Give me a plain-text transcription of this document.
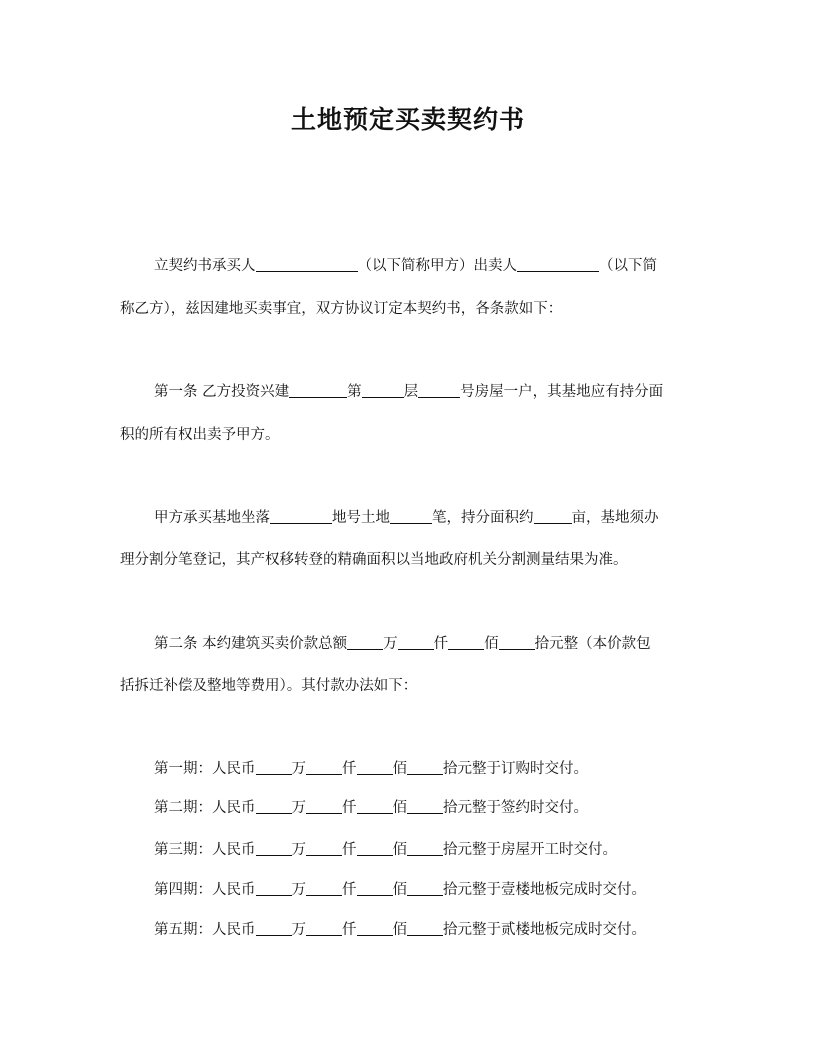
土地预定买卖契约书
立契约书承买人	（以下简称甲方）出卖人	（以下简
称乙方），兹因建地买卖事宜，双方协议订定本契约书，各条款如下：
第一条 乙方投资兴建	第	层	号房屋一户，其基地应有持分面
积的所有权出卖予甲方。
甲方承买基地坐落	地号土地	笔，持分面积约	亩，基地须办
理分割分笔登记，其产权移转登的精确面积以当地政府机关分割测量结果为准。
第二条 本约建筑买卖价款总额 万 仟 佰 拾元整（本价款包
括拆迁补偿及整地等费用）。其付款办法如下：
第一期：人民币 万 仟 佰 拾元整于订购时交付。
第二期：人民币 万 仟 佰 拾元整于签约时交付。
第三期：人民币 万 仟 佰 拾元整于房屋开工时交付。
第四期：人民币 万 仟 佰 拾元整于壹楼地板完成时交付。
第五期：人民币 万 仟 佰 拾元整于贰楼地板完成时交付。
